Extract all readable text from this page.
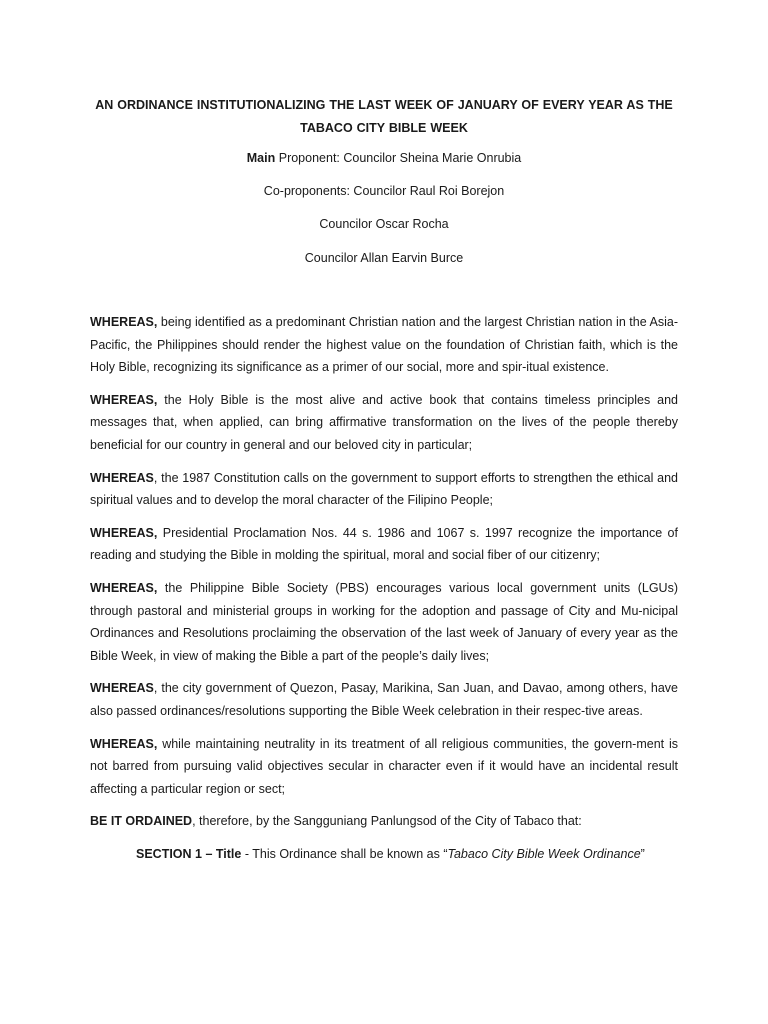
AN ORDINANCE INSTITUTIONALIZING THE LAST WEEK OF JANUARY OF EVERY YEAR AS THE TABACO CITY BIBLE WEEK
Main Proponent: Councilor Sheina Marie Onrubia
Co-proponents: Councilor Raul Roi Borejon
Councilor Oscar Rocha
Councilor Allan Earvin Burce

WHEREAS, being identified as a predominant Christian nation and the largest Christian nation in the Asia-Pacific, the Philippines should render the highest value on the foundation of Christian faith, which is the Holy Bible, recognizing its significance as a primer of our social, more and spir-itual existence.

WHEREAS, the Holy Bible is the most alive and active book that contains timeless principles and messages that, when applied, can bring affirmative transformation on the lives of the people thereby beneficial for our country in general and our beloved city in particular;

WHEREAS, the 1987 Constitution calls on the government to support efforts to strengthen the ethical and spiritual values and to develop the moral character of the Filipino People;

WHEREAS, Presidential Proclamation Nos. 44 s. 1986 and 1067 s. 1997 recognize the importance of reading and studying the Bible in molding the spiritual, moral and social fiber of our citizenry;

WHEREAS, the Philippine Bible Society (PBS) encourages various local government units (LGUs) through pastoral and ministerial groups in working for the adoption and passage of City and Mu-nicipal Ordinances and Resolutions proclaiming the observation of the last week of January of every year as the Bible Week, in view of making the Bible a part of the people’s daily lives;

WHEREAS, the city government of Quezon, Pasay, Marikina, San Juan, and Davao, among others, have also passed ordinances/resolutions supporting the Bible Week celebration in their respec-tive areas.

WHEREAS, while maintaining neutrality in its treatment of all religious communities, the govern-ment is not barred from pursuing valid objectives secular in character even if it would have an incidental result affecting a particular region or sect;

BE IT ORDAINED, therefore, by the Sangguniang Panlungsod of the City of Tabaco that:

SECTION 1 – Title - This Ordinance shall be known as “Tabaco City Bible Week Ordinance”
